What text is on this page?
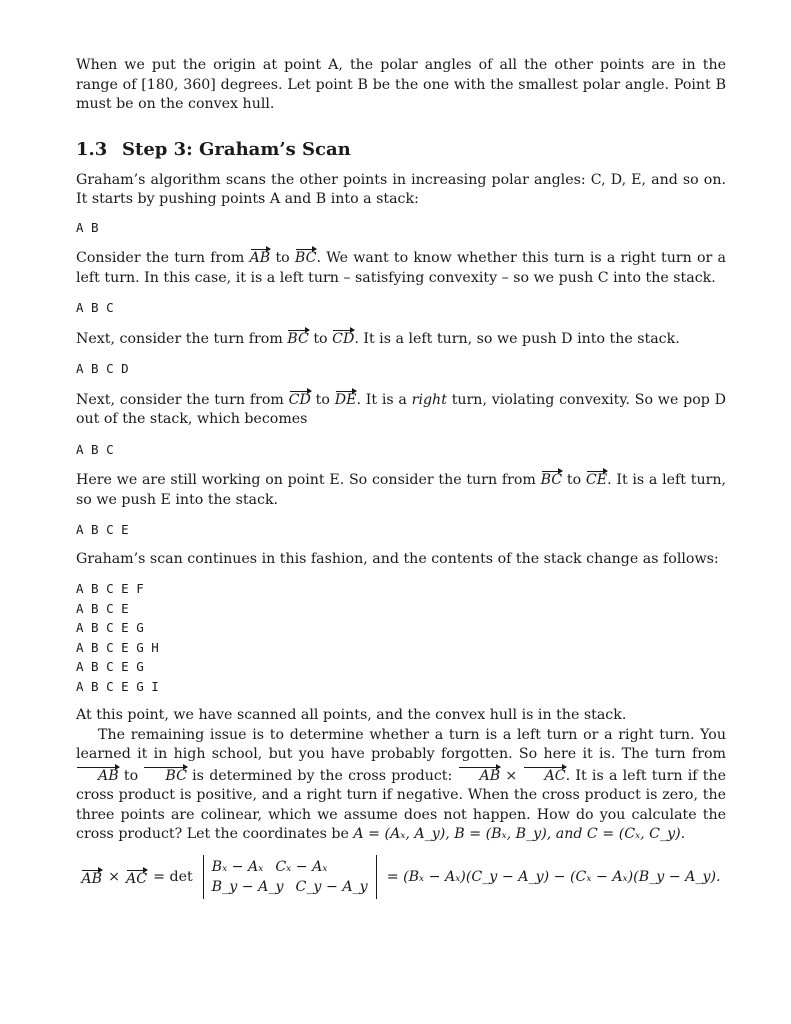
When we put the origin at point A, the polar angles of all the other points are in the range of [180, 360] degrees. Let point B be the one with the smallest polar angle. Point B must be on the convex hull.

1.3 Step 3: Graham’s Scan

Graham’s algorithm scans the other points in increasing polar angles: C, D, E, and so on. It starts by pushing points A and B into a stack:

A B

Consider the turn from AB to BC. We want to know whether this turn is a right turn or a left turn. In this case, it is a left turn – satisfying convexity – so we push C into the stack.

A B C

Next, consider the turn from BC to CD. It is a left turn, so we push D into the stack.

A B C D

Next, consider the turn from CD to DE. It is a right turn, violating convexity. So we pop D out of the stack, which becomes

A B C

Here we are still working on point E. So consider the turn from BC to CE. It is a left turn, so we push E into the stack.

A B C E

Graham’s scan continues in this fashion, and the contents of the stack change as follows:

A B C E F
A B C E
A B C E G
A B C E G H
A B C E G
A B C E G I

At this point, we have scanned all points, and the convex hull is in the stack.

The remaining issue is to determine whether a turn is a left turn or a right turn. You learned it in high school, but you have probably forgotten. So here it is. The turn from AB to BC is determined by the cross product: AB × AC. It is a left turn if the cross product is positive, and a right turn if negative. When the cross product is zero, the three points are colinear, which we assume does not happen. How do you calculate the cross product? Let the coordinates be A = (Aₓ, A_y), B = (Bₓ, B_y), and C = (Cₓ, C_y).

AB × AC = det
Bₓ − Aₓ Cₓ − Aₓ
B_y − A_y C_y − A_y
= (Bₓ − Aₓ)(C_y − A_y) − (Cₓ − Aₓ)(B_y − A_y).
